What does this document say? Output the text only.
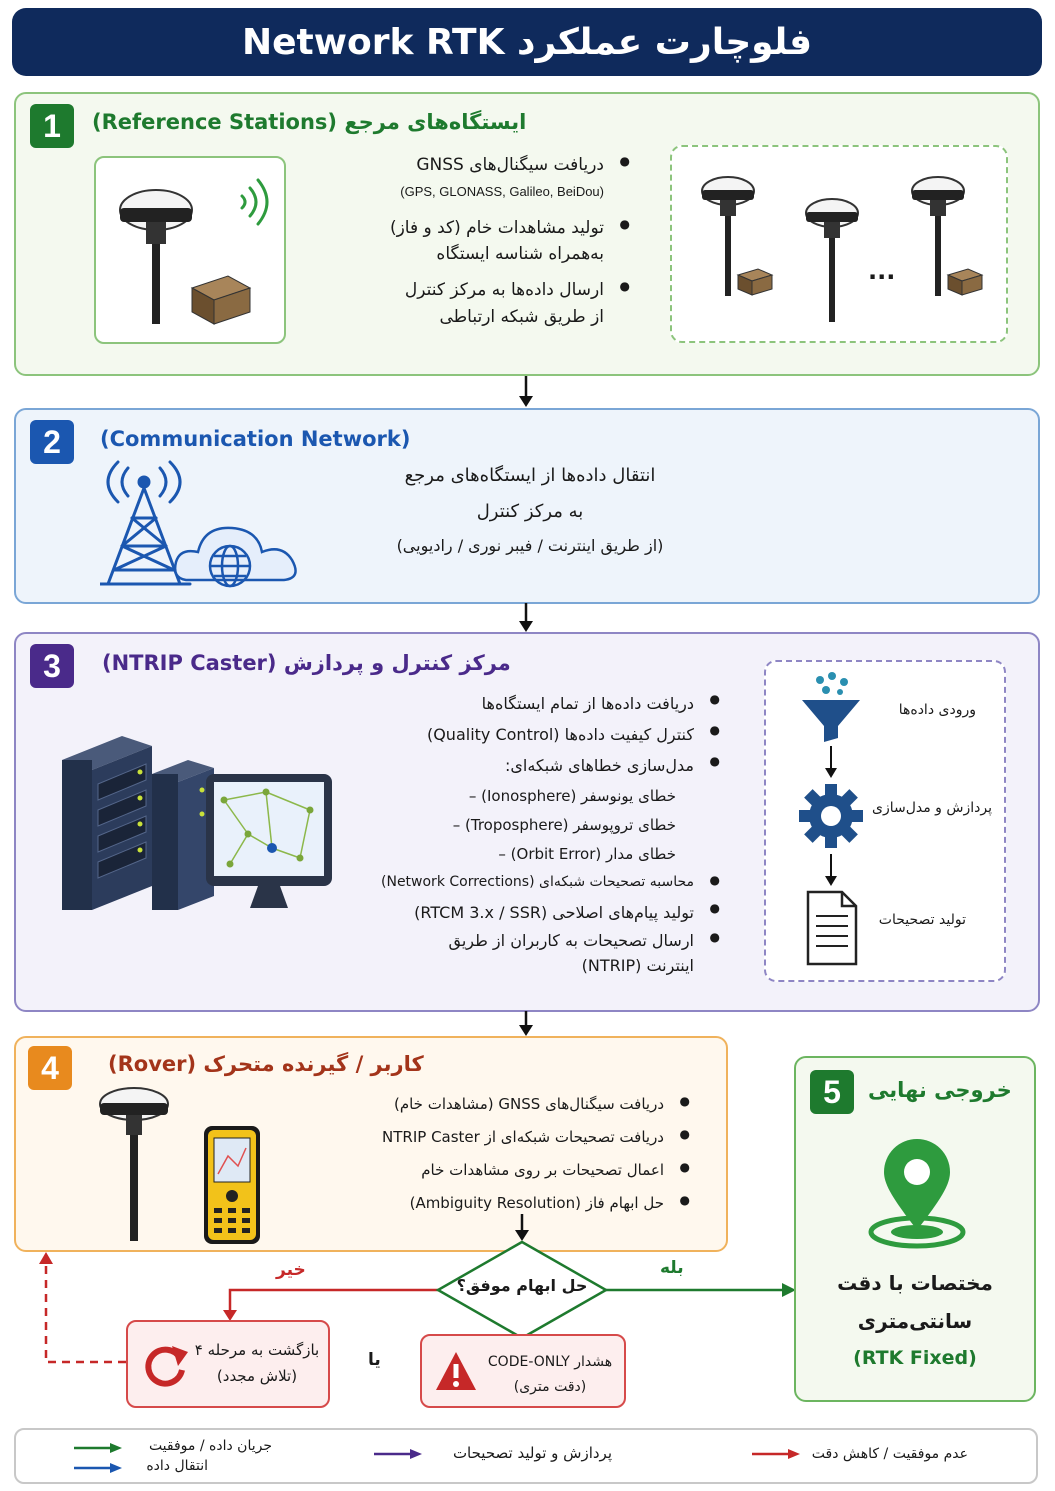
فلوچارت عملکرد Network RTK
1	ایستگاه‌های مرجع (Reference Stations)
● دریافت سیگنال‌های GNSS
(GPS, GLONASS, Galileo, BeiDou)
● تولید مشاهدات خام (کد و فاز)
به‌همراه شناسه ایستگاه
● ارسال داده‌ها به مرکز کنترل
از طریق شبکه ارتباطی
...
2	(Communication Network)
انتقال داده‌ها از ایستگاه‌های مرجع
به مرکز کنترل
(از طریق اینترنت / فیبر نوری / رادیویی)
3	مرکز کنترل و پردازش (NTRIP Caster)
● دریافت داده‌ها از تمام ایستگاه‌ها
● کنترل کیفیت داده‌ها (Quality Control)
● مدل‌سازی خطاهای شبکه‌ای:
خطای یونوسفر (Ionosphere) –
خطای تروپوسفر (Troposphere) –
خطای مدار (Orbit Error) –
● محاسبه تصحیحات شبکه‌ای (Network Corrections)
● تولید پیام‌های اصلاحی (RTCM 3.x / SSR)
● ارسال تصحیحات به کاربران از طریق
اینترنت (NTRIP)
ورودی داده‌ها
پردازش و مدل‌سازی
تولید تصحیحات
4	کاربر / گیرنده متحرک (Rover)
● دریافت سیگنال‌های GNSS (مشاهدات خام)
● دریافت تصحیحات شبکه‌ای از NTRIP Caster
● اعمال تصحیحات بر روی مشاهدات خام
● حل ابهام فاز (Ambiguity Resolution)
حل ابهام موفق؟
بله
خیر
بازگشت به مرحله ۴
(تلاش مجدد)
یا	هشدار CODE-ONLY
(دقت متری)
5	خروجی نهایی
مختصات با دقت
سانتی‌متری
(RTK Fixed)
جریان داده / موفقیت
انتقال داده
پردازش و تولید تصحیحات	عدم موفقیت / کاهش دقت
